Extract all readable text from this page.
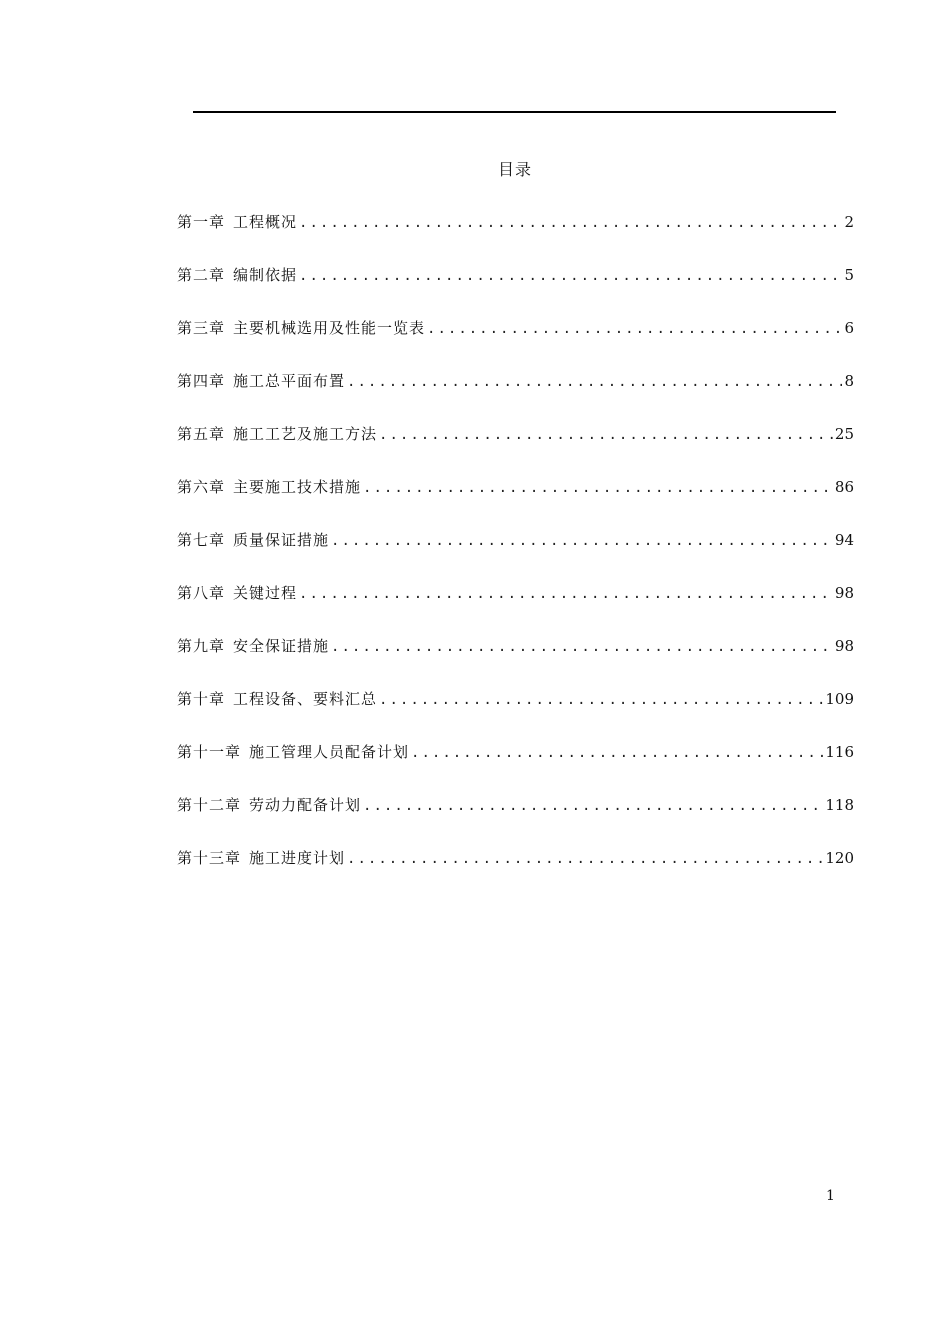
目录
第一章 工程概况 .....	2
第二章 编制依据 .....	5
第三章 主要机械选用及性能一览表 .....	6
第四章 施工总平面布置 .....	8
第五章 施工工艺及施工方法 .....	25
第六章 主要施工技术措施 .....	86
第七章 质量保证措施 .....	94
第八章 关键过程 .....	98
第九章 安全保证措施 .....	98
第十章 工程设备、要料汇总 .....	109
第十一章 施工管理人员配备计划 .....	116
第十二章 劳动力配备计划 .....	118
第十三章 施工进度计划 .....	120
1
